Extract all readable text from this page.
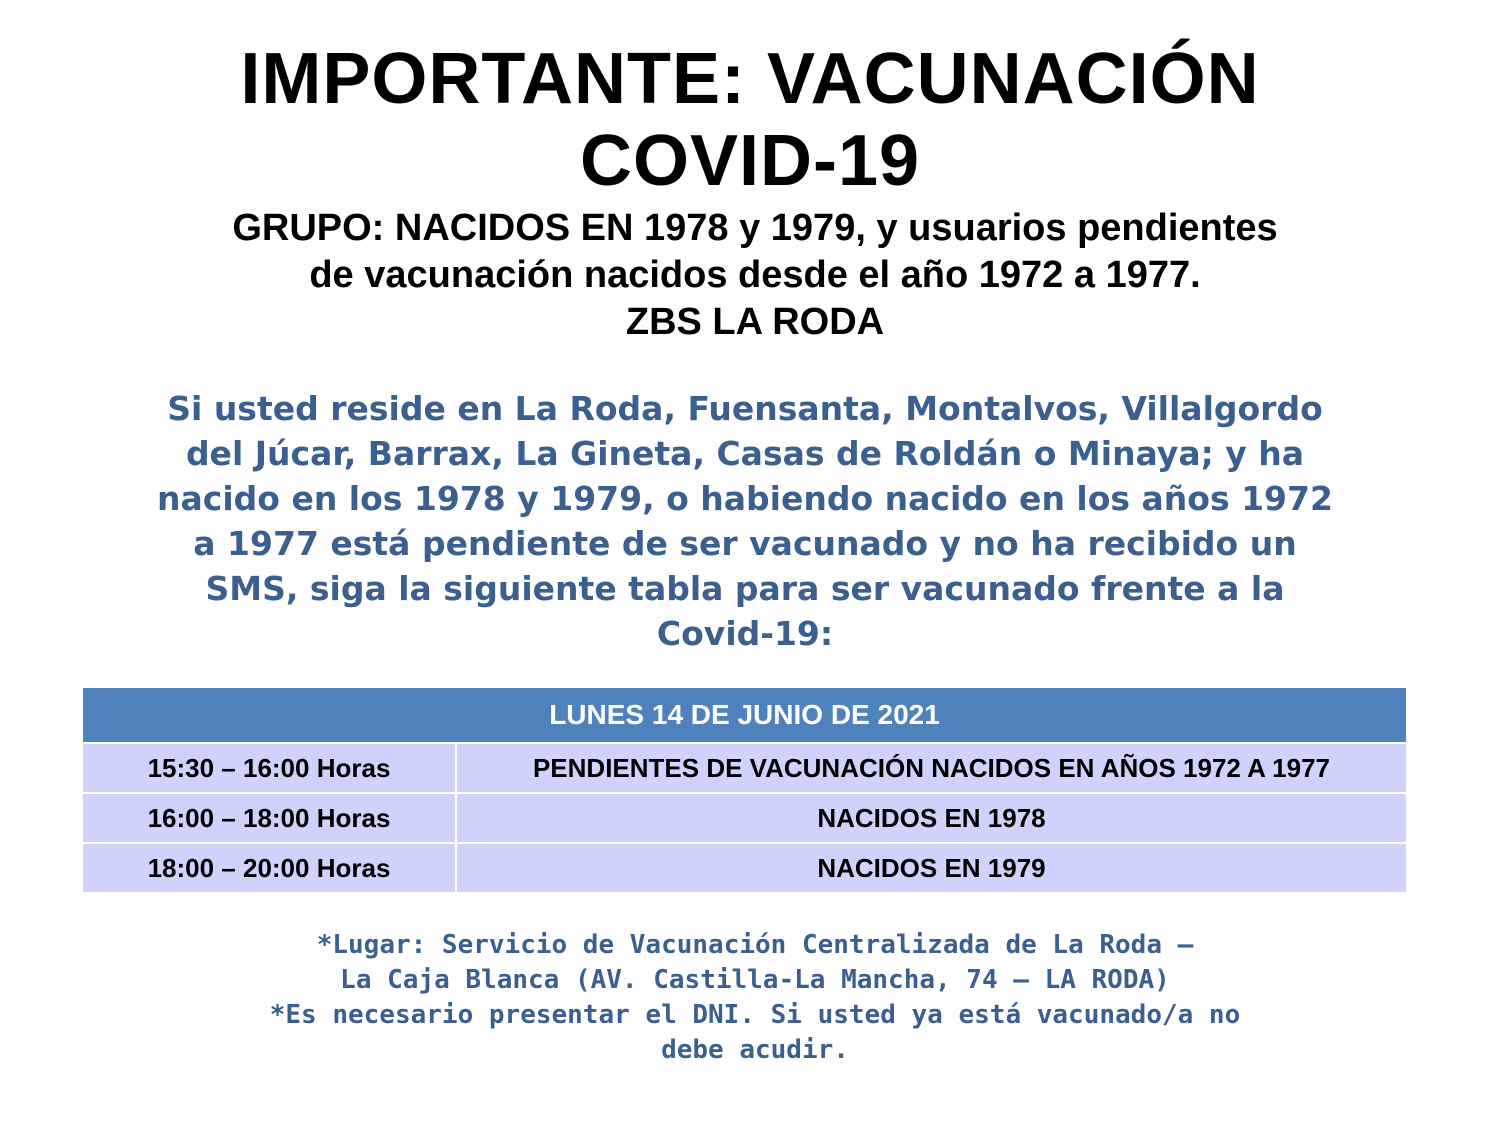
IMPORTANTE: VACUNACIÓN
COVID-19
GRUPO: NACIDOS EN 1978 y 1979, y usuarios pendientes
de vacunación nacidos desde el año 1972 a 1977.
ZBS LA RODA
Si usted reside en La Roda, Fuensanta, Montalvos, Villalgordo
del Júcar, Barrax, La Gineta, Casas de Roldán o Minaya; y ha
nacido en los 1978 y 1979, o habiendo nacido en los años 1972
a 1977 está pendiente de ser vacunado y no ha recibido un
SMS, siga la siguiente tabla para ser vacunado frente a la
Covid-19:
LUNES 14 DE JUNIO DE 2021	
15:30 – 16:00 Horas	PENDIENTES DE VACUNACIÓN NACIDOS EN AÑOS 1972 A 1977
16:00 – 18:00 Horas	NACIDOS EN 1978
18:00 – 20:00 Horas	NACIDOS EN 1979
*Lugar: Servicio de Vacunación Centralizada de La Roda –
La Caja Blanca (AV. Castilla-La Mancha, 74 – LA RODA)
*Es necesario presentar el DNI. Si usted ya está vacunado/a no
debe acudir.
